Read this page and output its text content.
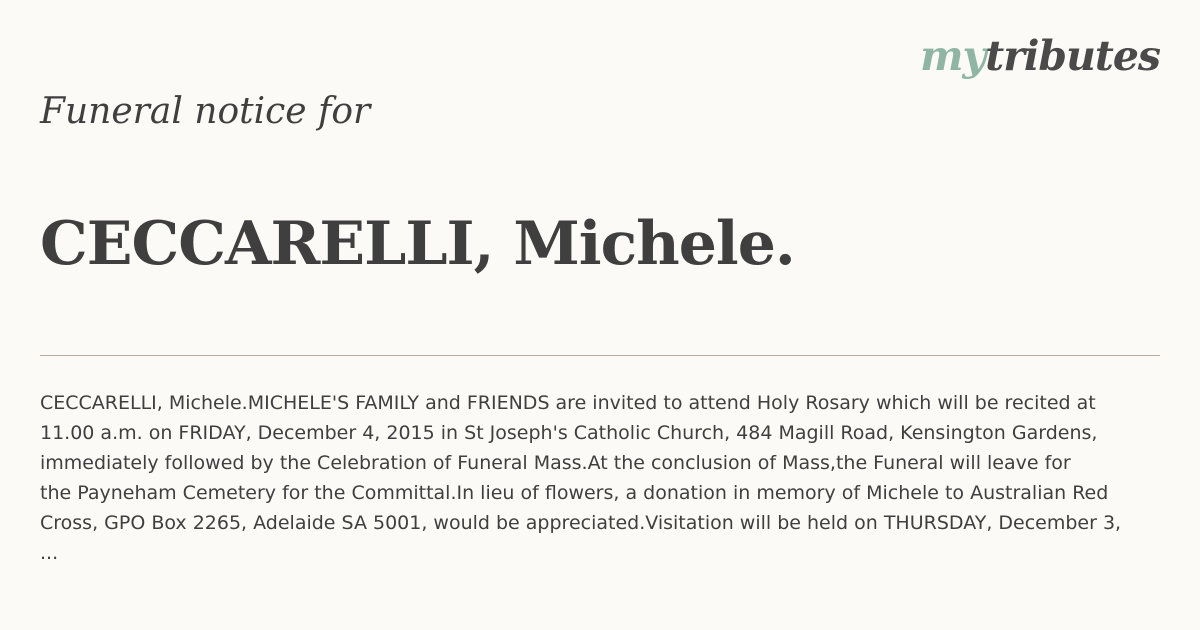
mytributes
Funeral notice for
CECCARELLI, Michele.

CECCARELLI, Michele.MICHELE'S FAMILY and FRIENDS are invited to attend Holy Rosary which will be recited at
11.00 a.m. on FRIDAY, December 4, 2015 in St Joseph's Catholic Church, 484 Magill Road, Kensington Gardens,
immediately followed by the Celebration of Funeral Mass.At the conclusion of Mass,the Funeral will leave for
the Payneham Cemetery for the Committal.In lieu of flowers, a donation in memory of Michele to Australian Red
Cross, GPO Box 2265, Adelaide SA 5001, would be appreciated.Visitation will be held on THURSDAY, December 3,
...
